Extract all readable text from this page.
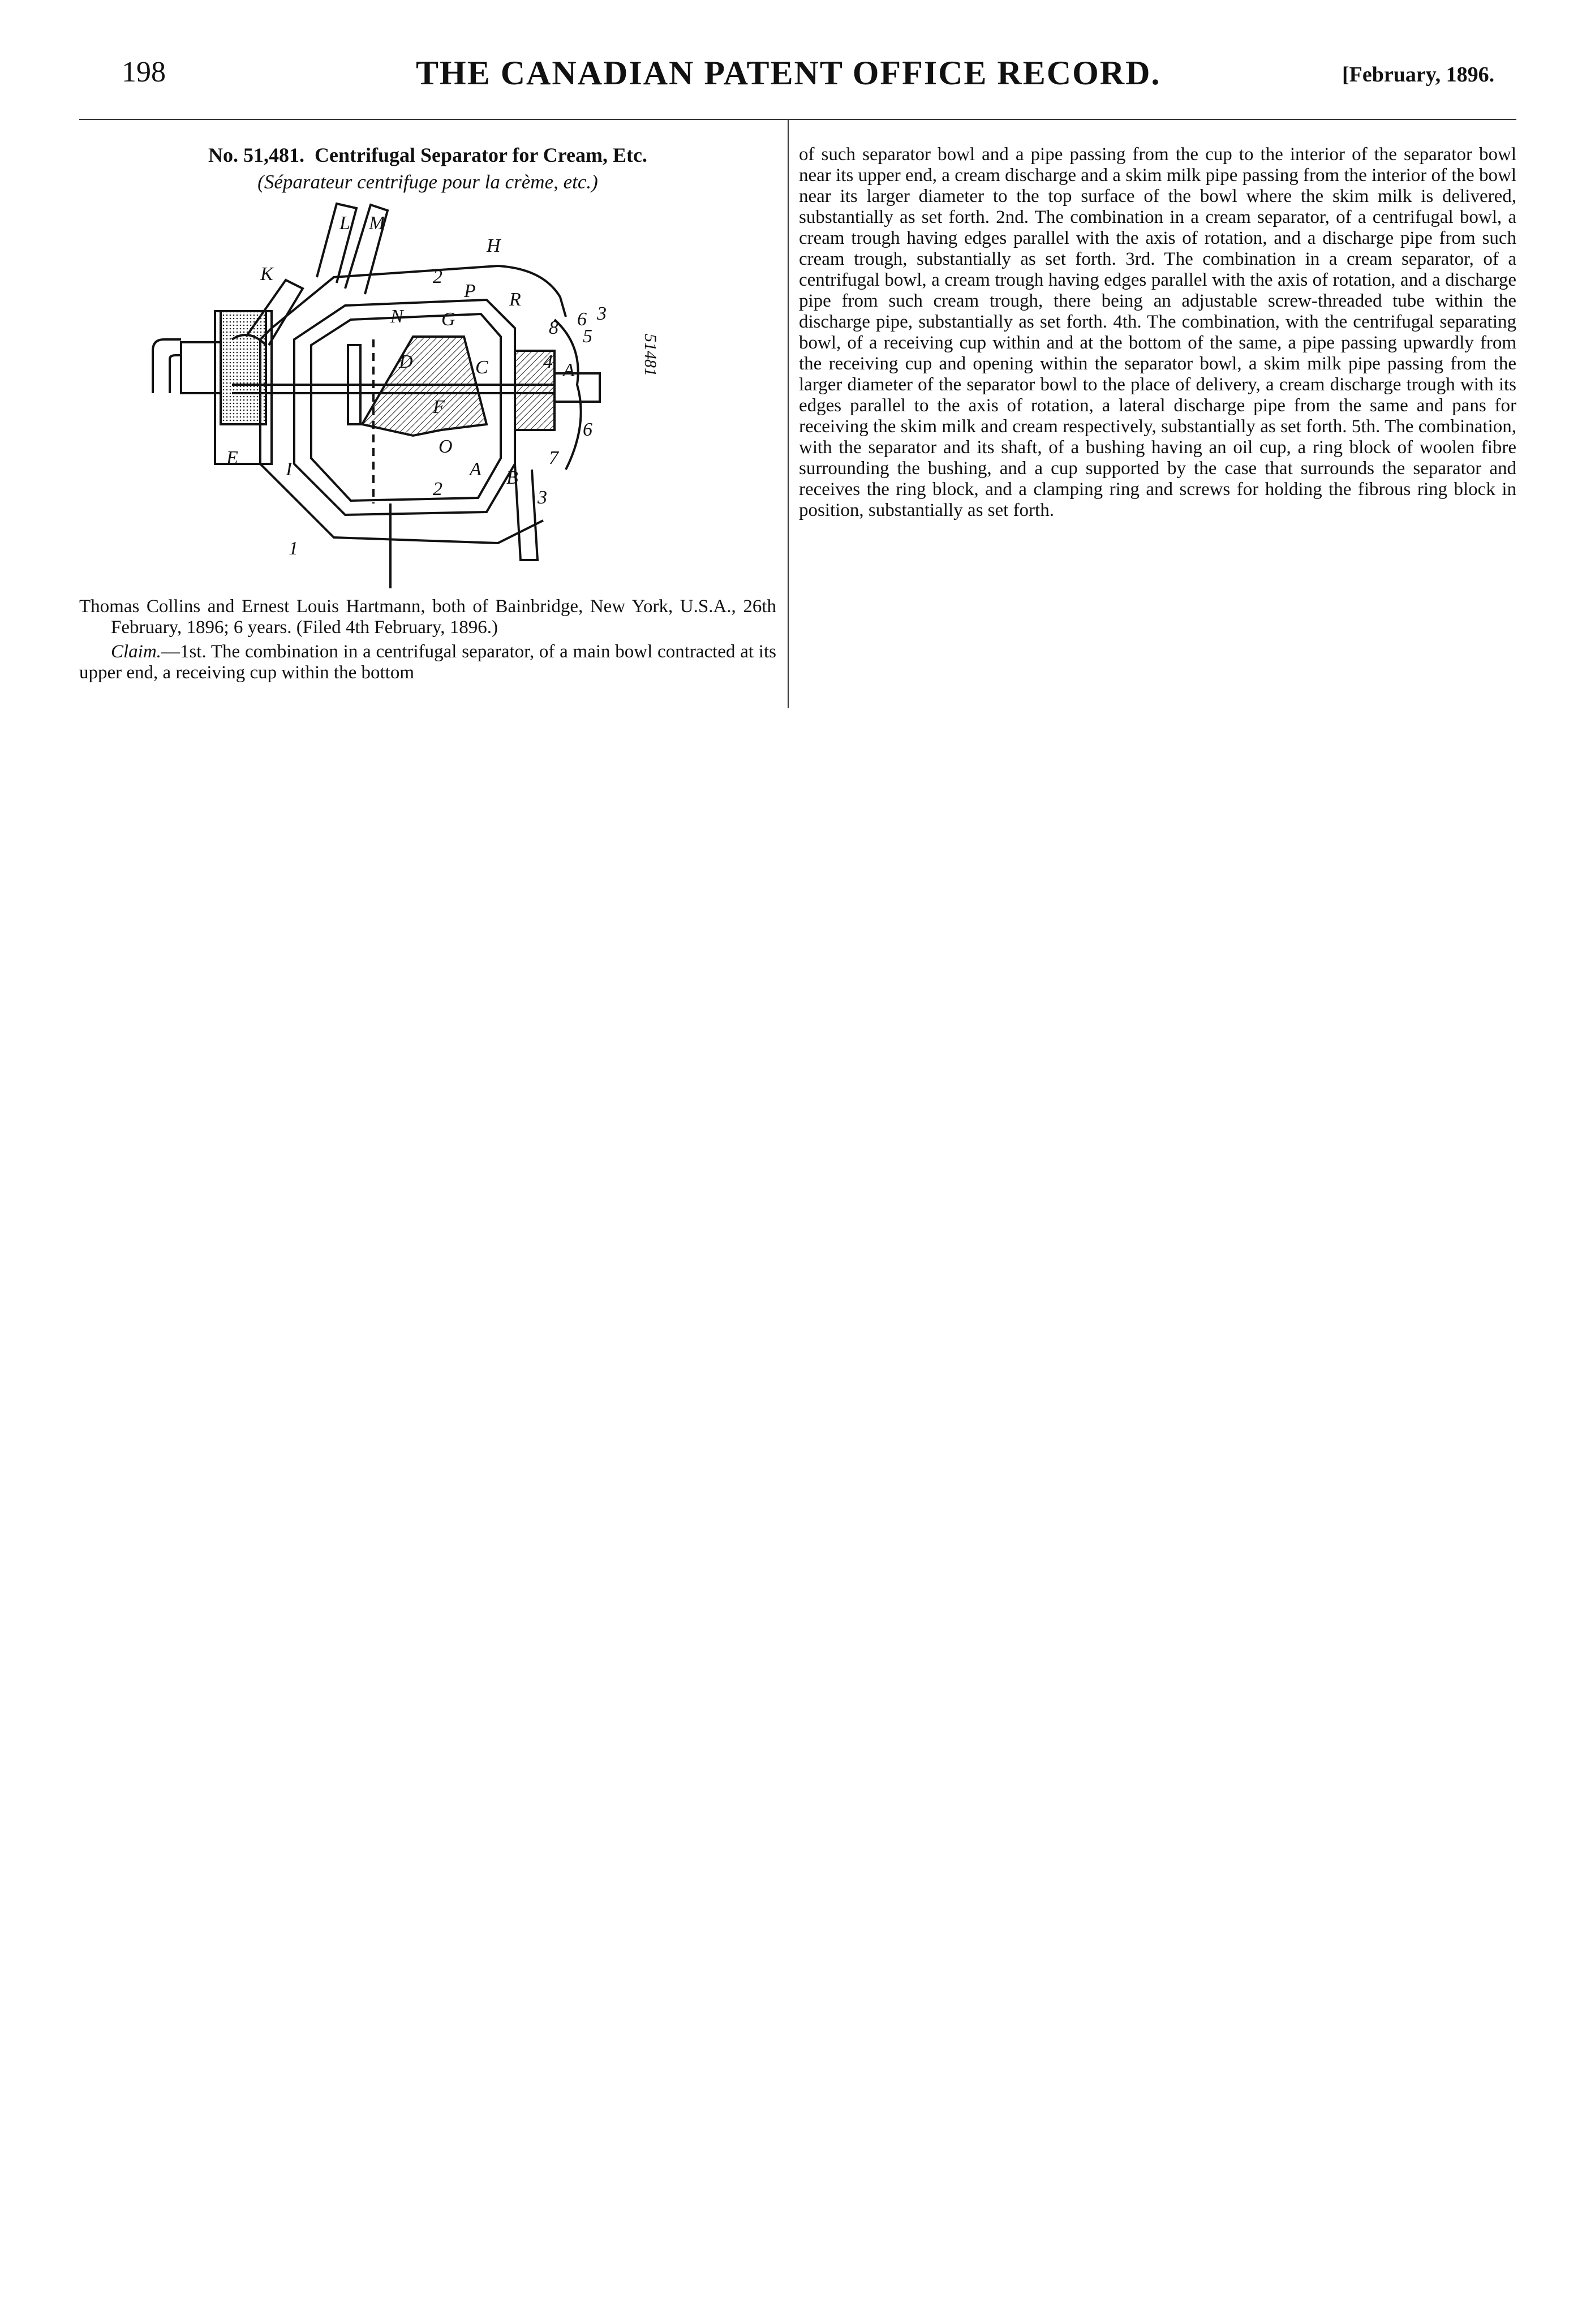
198	THE CANADIAN PATENT OFFICE RECORD.	[February, 1896.
No. 51,481. Centrifugal Separator for Cream, Etc.
(Séparateur centrifuge pour la crème, etc.)
K
L M
H
N
P R
G
D	C
F
O
E
I	A B
A'
1
2
2
3
3
4
5
6
6
7
8
51481
Thomas Collins and Ernest Louis Hartmann, both of Bainbridge, New York, U.S.A., 26th February, 1896; 6 years. (Filed 4th February, 1896.)
Claim.—1st. The combination in a centrifugal separator, of a main bowl contracted at its upper end, a receiving cup within the bottom

of such separator bowl and a pipe passing from the cup to the interior of the separator bowl near its upper end, a cream discharge and a skim milk pipe passing from the interior of the bowl near its larger diameter to the top surface of the bowl where the skim milk is delivered, substantially as set forth. 2nd. The combination in a cream separator, of a centrifugal bowl, a cream trough having edges parallel with the axis of rotation, and a discharge pipe from such cream trough, substantially as set forth. 3rd. The combination in a cream separator, of a centrifugal bowl, a cream trough having edges parallel with the axis of rotation, and a discharge pipe from such cream trough, there being an adjustable screw-threaded tube within the discharge pipe, substantially as set forth. 4th. The combination, with the centrifugal separating bowl, of a receiving cup within and at the bottom of the same, a pipe passing upwardly from the receiving cup and opening within the separator bowl, a skim milk pipe passing from the larger diameter of the separator bowl to the place of delivery, a cream discharge trough with its edges parallel to the axis of rotation, a lateral discharge pipe from the same and pans for receiving the skim milk and cream respectively, substantially as set forth. 5th. The combination, with the separator and its shaft, of a bushing having an oil cup, a ring block of woolen fibre surrounding the bushing, and a cup supported by the case that surrounds the separator and receives the ring block, and a clamping ring and screws for holding the fibrous ring block in position, substantially as set forth.
